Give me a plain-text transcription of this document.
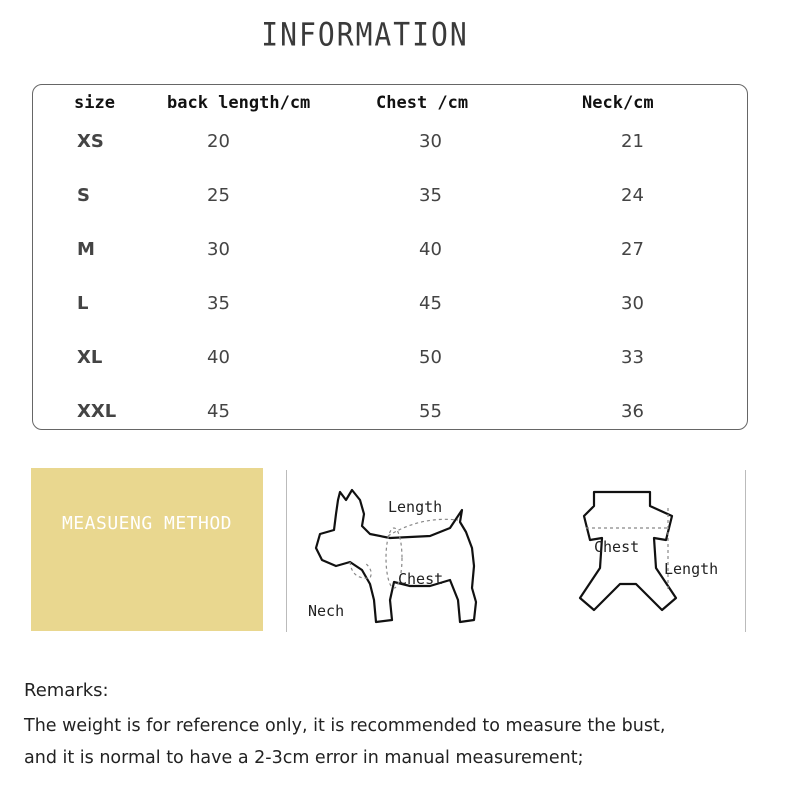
INFORMATION
size	back length/cm	Chest /cm	Neck/cm
XS	20	30	21
S	25	35	24
M	30	40	27
L	35	45	30
XL	40	50	33
XXL	45	55	36
MEASUENG METHOD
Length
Chest
Nech
Chest
Length
Remarks:
The weight is for reference only, it is recommended to measure the bust,
and it is normal to have a 2-3cm error in manual measurement;
